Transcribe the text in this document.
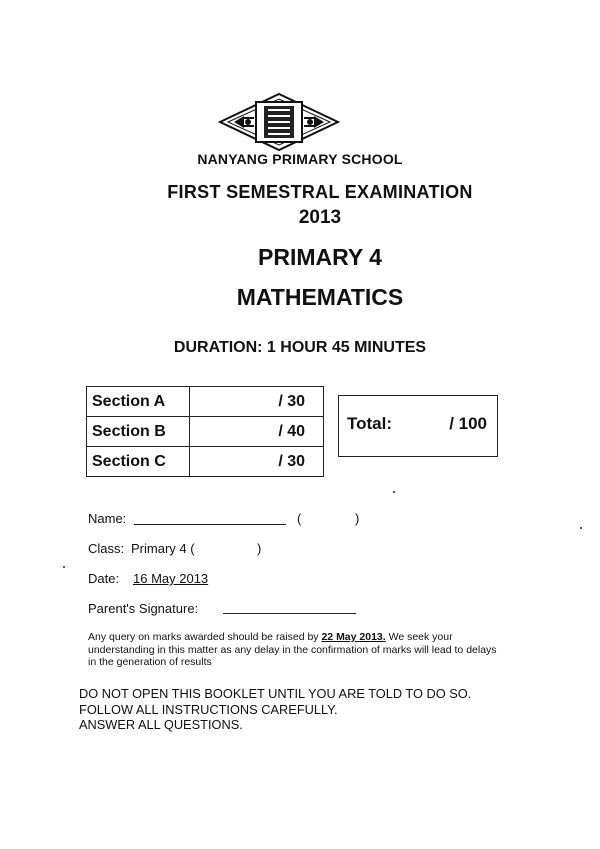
NANYANG PRIMARY SCHOOL
FIRST SEMESTRAL EXAMINATION
2013
PRIMARY 4
MATHEMATICS
DURATION: 1 HOUR 45 MINUTES
Section A	/ 30
Section B	/ 40
Section C	/ 30
Total:	/ 100
Name:	(	)
Class: Primary 4 (	)
Date: 16 May 2013
Parent's Signature:
Any query on marks awarded should be raised by 22 May 2013. We seek your understanding in this matter as any delay in the confirmation of marks will lead to delays in the generation of results
DO NOT OPEN THIS BOOKLET UNTIL YOU ARE TOLD TO DO SO.
FOLLOW ALL INSTRUCTIONS CAREFULLY.
ANSWER ALL QUESTIONS.
